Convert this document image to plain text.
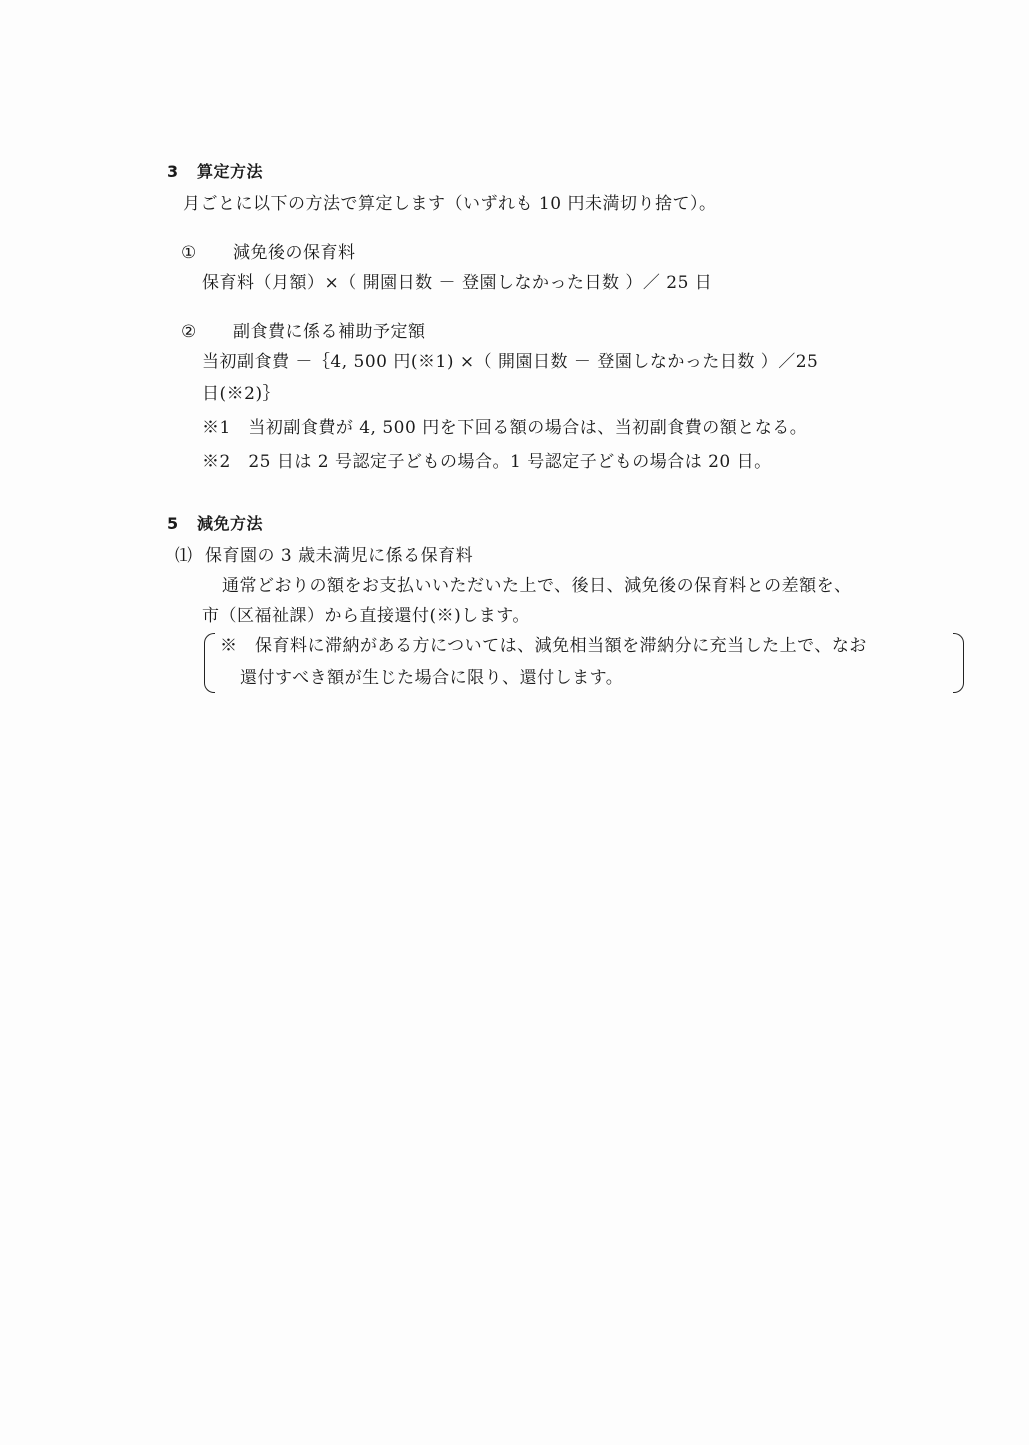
3 算定方法
月ごとに以下の方法で算定します（いずれも 10 円未満切り捨て）。
① 減免後の保育料
保育料（月額）×（ 開園日数 － 登園しなかった日数 ）／ 25 日
② 副食費に係る補助予定額
当初副食費 －｛4, 500 円(※1) ×（ 開園日数 － 登園しなかった日数 ）／25
日(※2)｝
※1　当初副食費が 4, 500 円を下回る額の場合は、当初副食費の額となる。
※2　25 日は 2 号認定子どもの場合。1 号認定子どもの場合は 20 日。
5 減免方法
⑴ 保育園の 3 歳未満児に係る保育料
通常どおりの額をお支払いいただいた上で、後日、減免後の保育料との差額を、
市（区福祉課）から直接還付(※)します。
※　保育料に滞納がある方については、減免相当額を滞納分に充当した上で、なお
還付すべき額が生じた場合に限り、還付します。
